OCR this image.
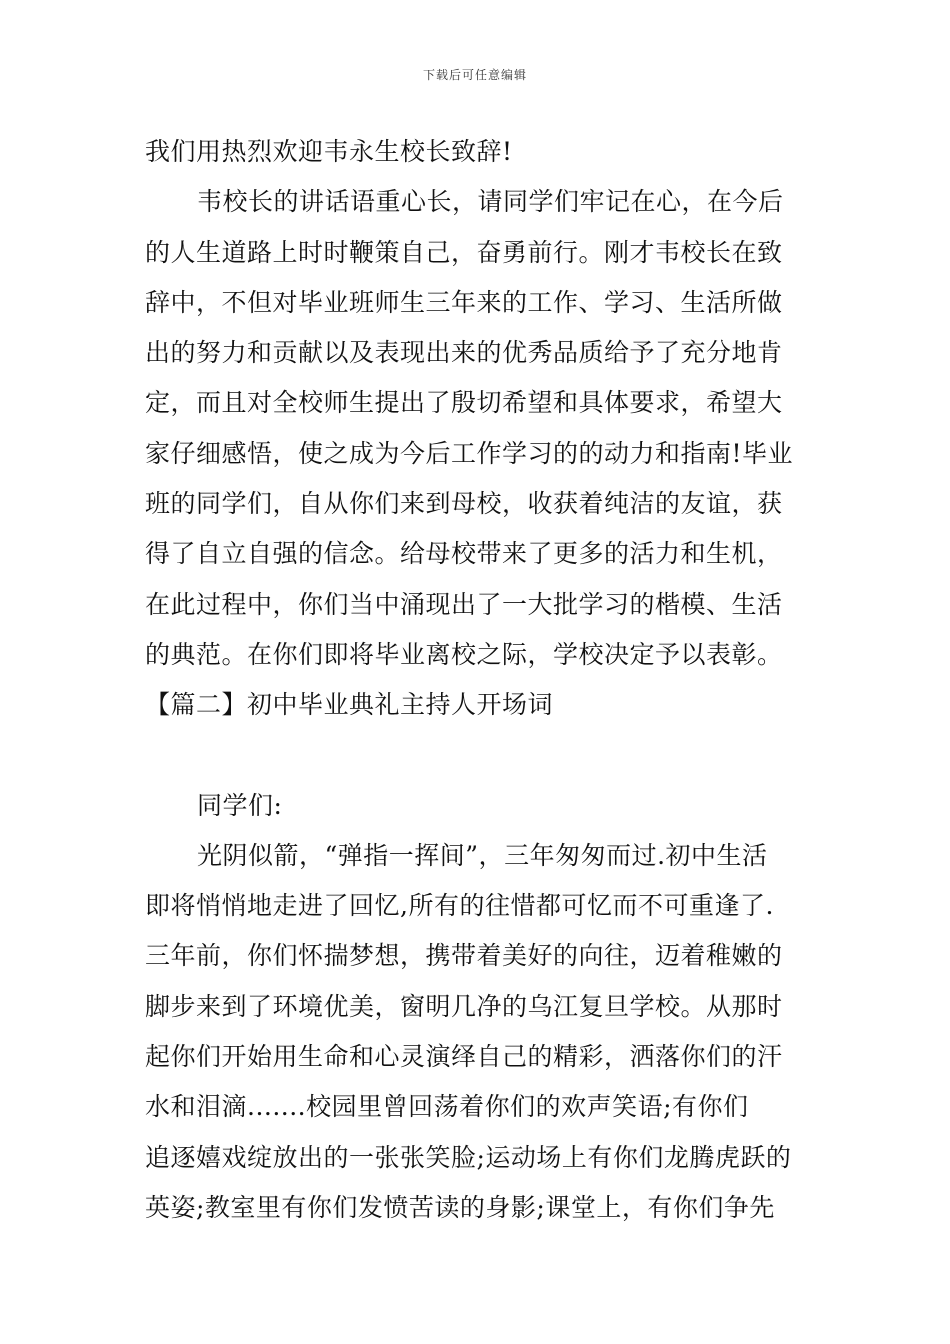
下载后可任意编辑
我们用热烈欢迎韦永生校长致辞!
韦校长的讲话语重心长，请同学们牢记在心，在今后
的人生道路上时时鞭策自己，奋勇前行。刚才韦校长在致
辞中，不但对毕业班师生三年来的工作、学习、生活所做
出的努力和贡献以及表现出来的优秀品质给予了充分地肯
定，而且对全校师生提出了殷切希望和具体要求，希望大
家仔细感悟，使之成为今后工作学习的的动力和指南!毕业
班的同学们，自从你们来到母校，收获着纯洁的友谊，获
得了自立自强的信念。给母校带来了更多的活力和生机，
在此过程中，你们当中涌现出了一大批学习的楷模、生活
的典范。在你们即将毕业离校之际，学校决定予以表彰。
【篇二】初中毕业典礼主持人开场词
同学们:
光阴似箭，“弹指一挥间”，三年匆匆而过.初中生活
即将悄悄地走进了回忆,所有的往惜都可忆而不可重逢了.
三年前，你们怀揣梦想，携带着美好的向往，迈着稚嫩的
脚步来到了环境优美，窗明几净的乌江复旦学校。从那时
起你们开始用生命和心灵演绎自己的精彩，洒落你们的汗
水和泪滴.......校园里曾回荡着你们的欢声笑语;有你们
追逐嬉戏绽放出的一张张笑脸;运动场上有你们龙腾虎跃的
英姿;教室里有你们发愤苦读的身影;课堂上，有你们争先
